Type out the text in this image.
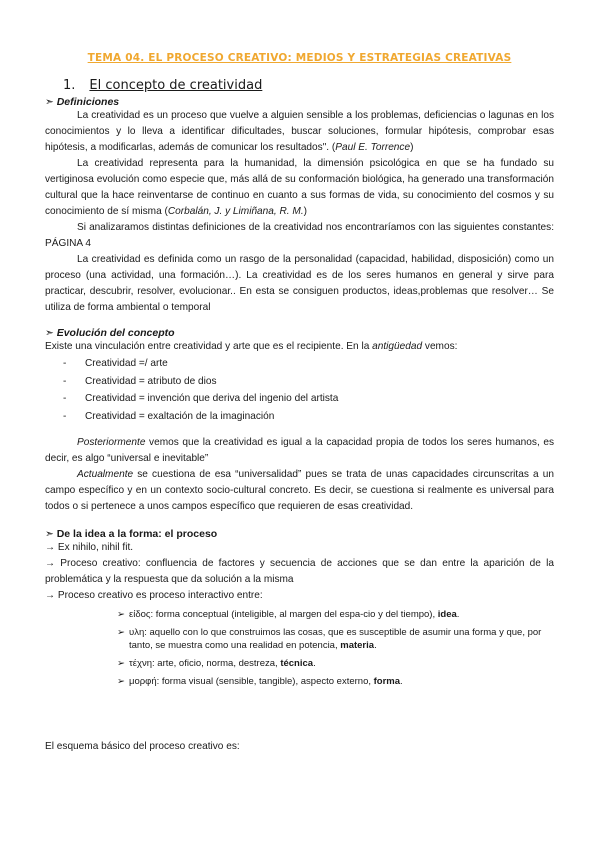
TEMA 04. EL PROCESO CREATIVO: MEDIOS Y ESTRATEGIAS CREATIVAS
1. El concepto de creatividad
➣ Definiciones

La creatividad es un proceso que vuelve a alguien sensible a los problemas, deficiencias o lagunas en los conocimientos y lo lleva a identificar dificultades, buscar soluciones, formular hipótesis, comprobar esas hipótesis, a modificarlas, además de comunicar los resultados". (Paul E. Torrence)

La creatividad representa para la humanidad, la dimensión psicológica en que se ha fundado su vertiginosa evolución como especie que, más allá de su conformación biológica, ha generado una transformación cultural que la hace reinventarse de continuo en cuanto a sus formas de vida, su conocimiento del cosmos y su conocimiento de sí misma (Corbalán, J. y Limiñana, R. M.)

Si analizaramos distintas definiciones de la creatividad nos encontraríamos con las siguientes constantes: PÁGINA 4

La creatividad es definida como un rasgo de la personalidad (capacidad, habilidad, disposición) como un proceso (una actividad, una formación…). La creatividad es de los seres humanos en general y sirve para practicar, descubrir, resolver, evolucionar.. En esta se consiguen productos, ideas,problemas que resolver… Se utiliza de forma ambiental o temporal

➣ Evolución del concepto

Existe una vinculación entre creatividad y arte que es el recipiente. En la antigüedad vemos:

- Creatividad =/ arte
- Creatividad = atributo de dios
- Creatividad = invención que deriva del ingenio del artista
- Creatividad = exaltación de la imaginación

Posteriormente vemos que la creatividad es igual a la capacidad propia de todos los seres humanos, es decir, es algo “universal e inevitable”

Actualmente se cuestiona de esa “universalidad” pues se trata de unas capacidades circunscritas a un campo específico y en un contexto socio-cultural concreto. Es decir, se cuestiona si realmente es universal para todos o si pertenece a unos campos específico que requieren de esas creatividad.

➣ De la idea a la forma: el proceso
→ Ex nihilo, nihil fit.

→ Proceso creativo: confluencia de factores y secuencia de acciones que se dan entre la aparición de la problemática y la respuesta que da solución a la misma

→ Proceso creativo es proceso interactivo entre:
➢ είδος: forma conceptual (inteligible, al margen del espa-cio y del tiempo), idea.
➢ υλη: aquello con lo que construimos las cosas, que es susceptible de asumir una forma y que, por tanto, se muestra como una realidad en potencia, materia.
➢ τέχνη: arte, oficio, norma, destreza, técnica.
➢ μορφή: forma visual (sensible, tangible), aspecto externo, forma.

El esquema básico del proceso creativo es:
